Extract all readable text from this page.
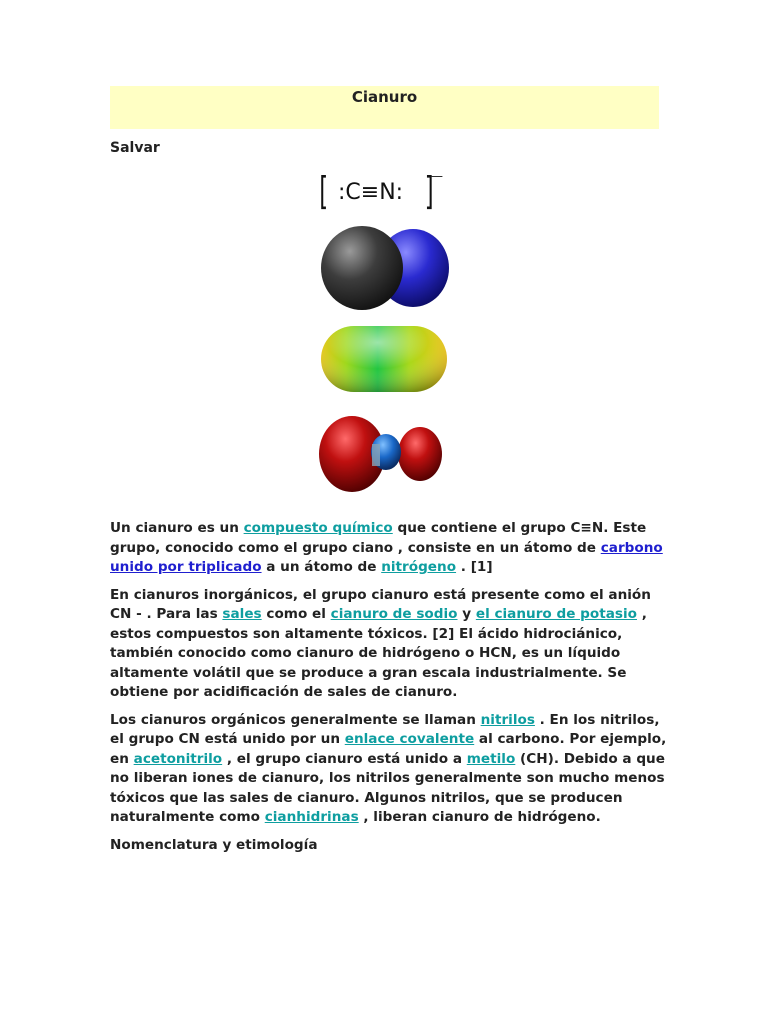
Cianuro
Salvar
[ :C≡N: ]
—

Un cianuro es un compuesto químico que contiene el grupo C≡N. Este grupo, conocido como el grupo ciano , consiste en un átomo de carbono unido por triplicado a un átomo de nitrógeno . [1]

En cianuros inorgánicos, el grupo cianuro está presente como el anión CN - . Para las sales como el cianuro de sodio y el cianuro de potasio , estos compuestos son altamente tóxicos. [2] El ácido hidrociánico, también conocido como cianuro de hidrógeno o HCN, es un líquido altamente volátil que se produce a gran escala industrialmente. Se obtiene por acidificación de sales de cianuro.

Los cianuros orgánicos generalmente se llaman nitrilos . En los nitrilos, el grupo CN está unido por un enlace covalente al carbono. Por ejemplo, en acetonitrilo , el grupo cianuro está unido a metilo (CH). Debido a que no liberan iones de cianuro, los nitrilos generalmente son mucho menos tóxicos que las sales de cianuro. Algunos nitrilos, que se producen naturalmente como cianhidrinas , liberan cianuro de hidrógeno.

Nomenclatura y etimología
